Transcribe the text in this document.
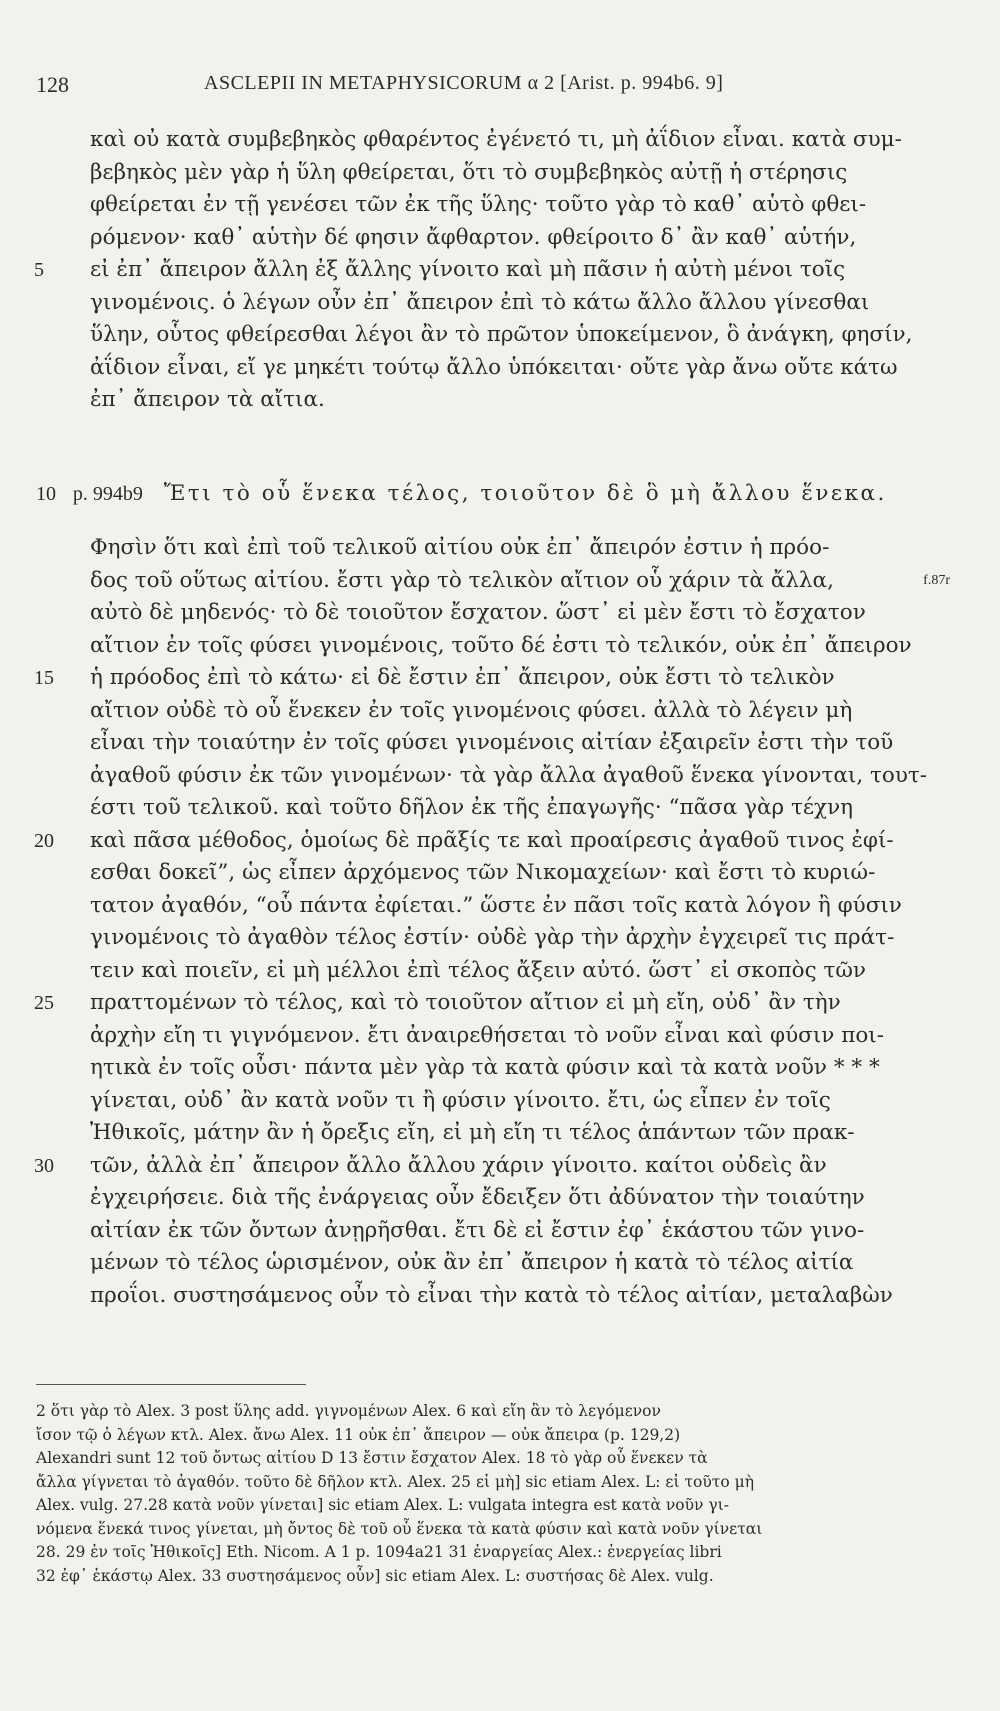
128	ASCLEPII IN METAPHYSICORUM α 2 [Arist. p. 994b6. 9]
καὶ οὐ κατὰ συμβεβηκὸς φθαρέντος ἐγένετό τι, μὴ ἀΐδιον εἶναι. κατὰ συμ-
βεβηκὸς μὲν γὰρ ἡ ὕλη φθείρεται, ὅτι τὸ συμβεβηκὸς αὐτῇ ἡ στέρησις
φθείρεται ἐν τῇ γενέσει τῶν ἐκ τῆς ὕλης· τοῦτο γὰρ τὸ καθ᾽ αὑτὸ φθει-
ρόμενον· καθ᾽ αὑτὴν δέ φησιν ἄφθαρτον. φθείροιτο δ᾽ ἂν καθ᾽ αὑτήν,
5 εἰ ἐπ᾽ ἄπειρον ἄλλη ἐξ ἄλλης γίνοιτο καὶ μὴ πᾶσιν ἡ αὐτὴ μένοι τοῖς
γινομένοις. ὁ λέγων οὖν ἐπ᾽ ἄπειρον ἐπὶ τὸ κάτω ἄλλο ἄλλου γίνεσθαι
ὕλην, οὗτος φθείρεσθαι λέγοι ἂν τὸ πρῶτον ὑποκείμενον, ὃ ἀνάγκη, φησίν,
ἀΐδιον εἶναι, εἴ γε μηκέτι τούτῳ ἄλλο ὑπόκειται· οὔτε γὰρ ἄνω οὔτε κάτω
ἐπ᾽ ἄπειρον τὰ αἴτια.
10 p. 994b9 Ἔτι τὸ οὗ ἕνεκα τέλος, τοιοῦτον δὲ ὃ μὴ ἄλλου ἕνεκα.
Φησὶν ὅτι καὶ ἐπὶ τοῦ τελικοῦ αἰτίου οὐκ ἐπ᾽ ἄπειρόν ἐστιν ἡ πρόο-
δος τοῦ οὕτως αἰτίου. ἔστι γὰρ τὸ τελικὸν αἴτιον οὗ χάριν τὰ ἄλλα,	f.87r
αὐτὸ δὲ μηδενός· τὸ δὲ τοιοῦτον ἔσχατον. ὥστ᾽ εἰ μὲν ἔστι τὸ ἔσχατον
αἴτιον ἐν τοῖς φύσει γινομένοις, τοῦτο δέ ἐστι τὸ τελικόν, οὐκ ἐπ᾽ ἄπειρον
15 ἡ πρόοδος ἐπὶ τὸ κάτω· εἰ δὲ ἔστιν ἐπ᾽ ἄπειρον, οὐκ ἔστι τὸ τελικὸν
αἴτιον οὐδὲ τὸ οὗ ἕνεκεν ἐν τοῖς γινομένοις φύσει. ἀλλὰ τὸ λέγειν μὴ
εἶναι τὴν τοιαύτην ἐν τοῖς φύσει γινομένοις αἰτίαν ἐξαιρεῖν ἐστι τὴν τοῦ
ἀγαθοῦ φύσιν ἐκ τῶν γινομένων· τὰ γὰρ ἄλλα ἀγαθοῦ ἕνεκα γίνονται, τουτ-
έστι τοῦ τελικοῦ. καὶ τοῦτο δῆλον ἐκ τῆς ἐπαγωγῆς· “πᾶσα γὰρ τέχνη
20 καὶ πᾶσα μέθοδος, ὁμοίως δὲ πρᾶξίς τε καὶ προαίρεσις ἀγαθοῦ τινος ἐφί-
εσθαι δοκεῖ”, ὡς εἶπεν ἀρχόμενος τῶν Νικομαχείων· καὶ ἔστι τὸ κυριώ-
τατον ἀγαθόν, “οὗ πάντα ἐφίεται.” ὥστε ἐν πᾶσι τοῖς κατὰ λόγον ἢ φύσιν
γινομένοις τὸ ἀγαθὸν τέλος ἐστίν· οὐδὲ γὰρ τὴν ἀρχὴν ἐγχειρεῖ τις πράτ-
τειν καὶ ποιεῖν, εἰ μὴ μέλλοι ἐπὶ τέλος ἄξειν αὐτό. ὥστ᾽ εἰ σκοπὸς τῶν
25 πραττομένων τὸ τέλος, καὶ τὸ τοιοῦτον αἴτιον εἰ μὴ εἴη, οὐδ᾽ ἂν τὴν
ἀρχὴν εἴη τι γιγνόμενον. ἔτι ἀναιρεθήσεται τὸ νοῦν εἶναι καὶ φύσιν ποι-
ητικὰ ἐν τοῖς οὖσι· πάντα μὲν γὰρ τὰ κατὰ φύσιν καὶ τὰ κατὰ νοῦν * * *
γίνεται, οὐδ᾽ ἂν κατὰ νοῦν τι ἢ φύσιν γίνοιτο. ἔτι, ὡς εἶπεν ἐν τοῖς
Ἠθικοῖς, μάτην ἂν ἡ ὄρεξις εἴη, εἰ μὴ εἴη τι τέλος ἁπάντων τῶν πρακ-
30 τῶν, ἀλλὰ ἐπ᾽ ἄπειρον ἄλλο ἄλλου χάριν γίνοιτο. καίτοι οὐδεὶς ἂν
ἐγχειρήσειε. διὰ τῆς ἐνάργειας οὖν ἔδειξεν ὅτι ἀδύνατον τὴν τοιαύτην
αἰτίαν ἐκ τῶν ὄντων ἀνῃρῆσθαι. ἔτι δὲ εἰ ἔστιν ἐφ᾽ ἑκάστου τῶν γινο-
μένων τὸ τέλος ὡρισμένον, οὐκ ἂν ἐπ᾽ ἄπειρον ἡ κατὰ τὸ τέλος αἰτία
προΐοι. συστησάμενος οὖν τὸ εἶναι τὴν κατὰ τὸ τέλος αἰτίαν, μεταλαβὼν
2 ὅτι γὰρ τὸ Alex. 3 post ὕλης add. γιγνομένων Alex. 6 καὶ εἴη ἂν τὸ λεγόμενον
ἴσον τῷ ὁ λέγων κτλ. Alex. ἄνω Alex. 11 οὐκ ἐπ᾽ ἄπειρον — οὐκ ἄπειρα (p. 129,2)
Alexandri sunt 12 τοῦ ὄντως αἰτίου D 13 ἔστιν ἔσχατον Alex. 18 τὸ γὰρ οὗ ἕνεκεν τὰ
ἄλλα γίγνεται τὸ ἀγαθόν. τοῦτο δὲ δῆλον κτλ. Alex. 25 εἰ μὴ] sic etiam Alex. L: εἰ τοῦτο μὴ
Alex. vulg. 27.28 κατὰ νοῦν γίνεται] sic etiam Alex. L: vulgata integra est κατὰ νοῦν γι-
νόμενα ἕνεκά τινος γίνεται, μὴ ὄντος δὲ τοῦ οὗ ἕνεκα τὰ κατὰ φύσιν καὶ κατὰ νοῦν γίνεται
28. 29 ἐν τοῖς Ἠθικοῖς] Eth. Nicom. A 1 p. 1094a21 31 ἐναργείας Alex.: ἐνεργείας libri
32 ἐφ᾽ ἑκάστῳ Alex. 33 συστησάμενος οὖν] sic etiam Alex. L: συστήσας δὲ Alex. vulg.
